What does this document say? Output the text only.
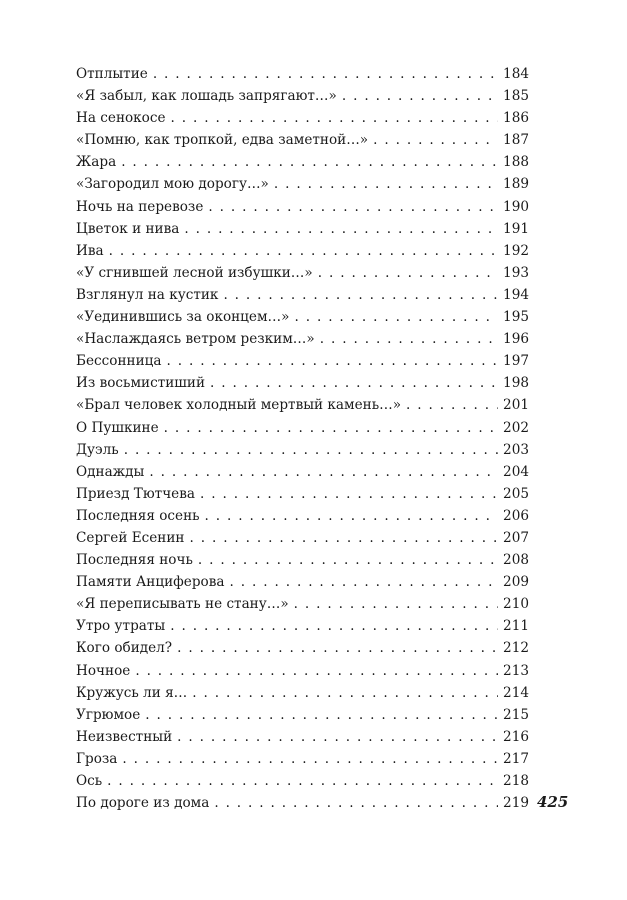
Отплытие . . .	184
«Я забыл, как лошадь запрягают…» . . .	185
На сенокосе . . .	186
«Помню, как тропкой, едва заметной…» . . .	187
Жара . . .	188
«Загородил мою дорогу…» . . .	189
Ночь на перевозе . . .	190
Цветок и нива . . .	191
Ива . . .	192
«У сгнившей лесной избушки…» . . .	193
Взглянул на кустик . . .	194
«Уединившись за оконцем…» . . .	195
«Наслаждаясь ветром резким…» . . .	196
Бессонница . . .	197
Из восьмистиший . . .	198
«Брал человек холодный мертвый камень…» . . .	201
О Пушкине . . .	202
Дуэль . . .	203
Однажды . . .	204
Приезд Тютчева . . .	205
Последняя осень . . .	206
Сергей Есенин . . .	207
Последняя ночь . . .	208
Памяти Анциферова . . .	209
«Я переписывать не стану…» . . .	210
Утро утраты . . .	211
Кого обидел? . . .	212
Ночное . . .	213
Кружусь ли я… . . .	214
Угрюмое . . .	215
Неизвестный . . .	216
Гроза . . .	217
Ось . . .	218
По дороге из дома . . .	219 425
